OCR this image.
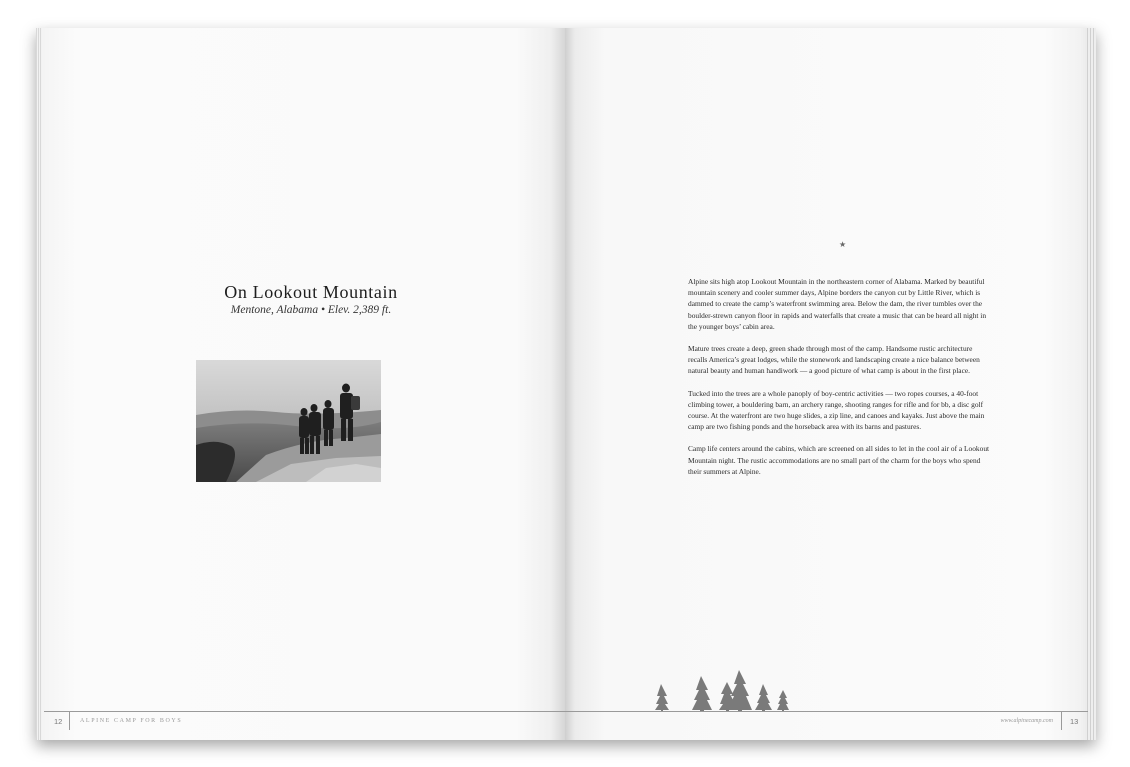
On Lookout Mountain
Mentone, Alabama • Elev. 2,389 ft.
12	ALPINE CAMP FOR BOYS
★

Alpine sits high atop Lookout Mountain in the northeastern corner of Alabama. Marked by beautiful mountain scenery and cooler summer days, Alpine borders the canyon cut by Little River, which is dammed to create the camp’s waterfront swimming area. Below the dam, the river tumbles over the boulder-strewn canyon floor in rapids and waterfalls that create a music that can be heard all night in the younger boys’ cabin area.

Mature trees create a deep, green shade through most of the camp. Handsome rustic architecture recalls America’s great lodges, while the stonework and landscaping create a nice balance between natural beauty and human handiwork — a good picture of what camp is about in the first place.

Tucked into the trees are a whole panoply of boy-centric activities — two ropes courses, a 40-foot climbing tower, a bouldering barn, an archery range, shooting ranges for rifle and for bb, a disc golf course. At the waterfront are two huge slides, a zip line, and canoes and kayaks. Just above the main camp are two fishing ponds and the horseback area with its barns and pastures.

Camp life centers around the cabins, which are screened on all sides to let in the cool air of a Lookout Mountain night. The rustic accommodations are no small part of the charm for the boys who spend their summers at Alpine.

www.alpinecamp.com 13
